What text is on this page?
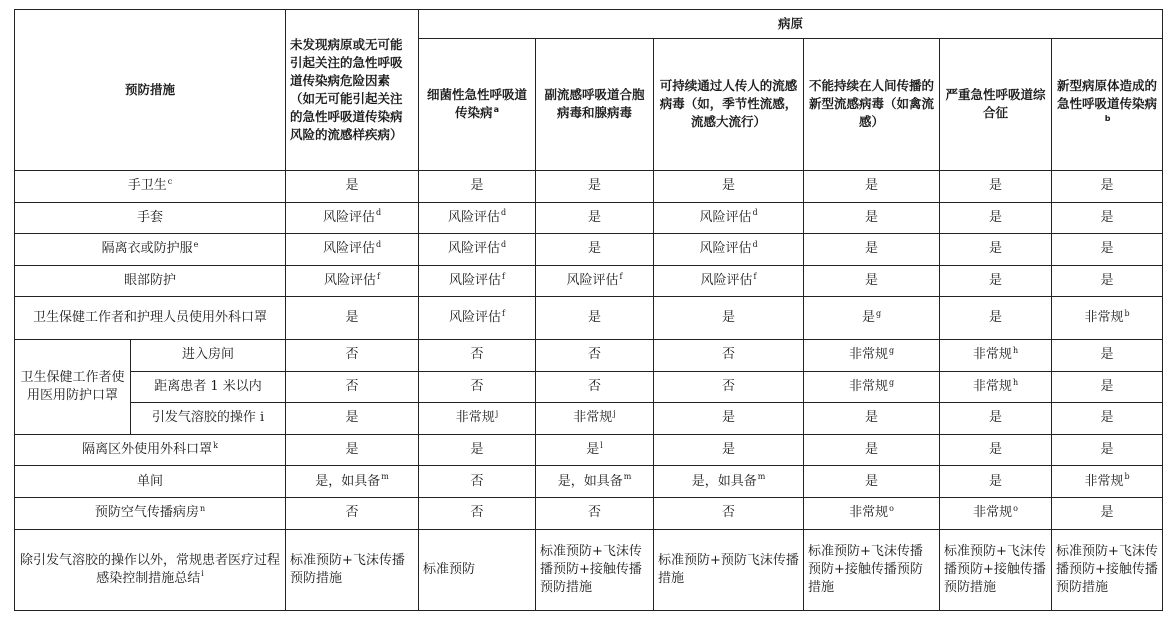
预防措施		未发现病原或无可能引起关注的急性呼吸道传染病危险因素（如无可能引起关注的急性呼吸道传染病风险的流感样疾病）	病原					
			细菌性急性呼吸道传染病$^a$	副流感呼吸道合胞病毒和腺病毒	可持续通过人传人的流感病毒（如，季节性流感，流感大流行）	不能持续在人间传播的新型流感病毒（如禽流感）	严重急性呼吸道综合征	新型病原体造成的急性呼吸道传染病$^b$
手卫生$^c$		是	是	是	是	是	是	是
手套		风险评估$^d$	风险评估$^d$	是	风险评估$^d$	是	是	是
隔离衣或防护服$^e$		风险评估$^d$	风险评估$^d$	是	风险评估$^d$	是	是	是
眼部防护		风险评估$^f$	风险评估$^f$	风险评估$^f$	风险评估$^f$	是	是	是
卫生保健工作者和护理人员使用外科口罩		是	风险评估$^f$	是	是	是$^g$	是	非常规$^b$
卫生保健工作者使用医用防护口罩	进入房间	否	否	否	否	非常规$^g$	非常规$^h$	是
	距离患者 1 米以内	否	否	否	否	非常规$^g$	非常规$^h$	是
	引发气溶胶的操作 i	是	非常规$^j$	非常规$^j$	是	是	是	是
隔离区外使用外科口罩$^k$		是	是	是$^l$	是	是	是	是
单间		是，如具备$^m$	否	是，如具备$^m$	是，如具备$^m$	是	是	非常规$^b$
预防空气传播病房$^n$		否	否	否	否	非常规$^o$	非常规$^o$	是
除引发气溶胶的操作以外，常规患者医疗过程感染控制措施总结$^i$		标准预防+飞沫传播预防措施	标准预防	标准预防+飞沫传播预防+接触传播预防措施	标准预防+预防飞沫传播措施	标准预防+飞沫传播预防+接触传播预防措施	标准预防+飞沫传播预防+接触传播预防措施	标准预防+飞沫传播预防+接触传播预防措施
